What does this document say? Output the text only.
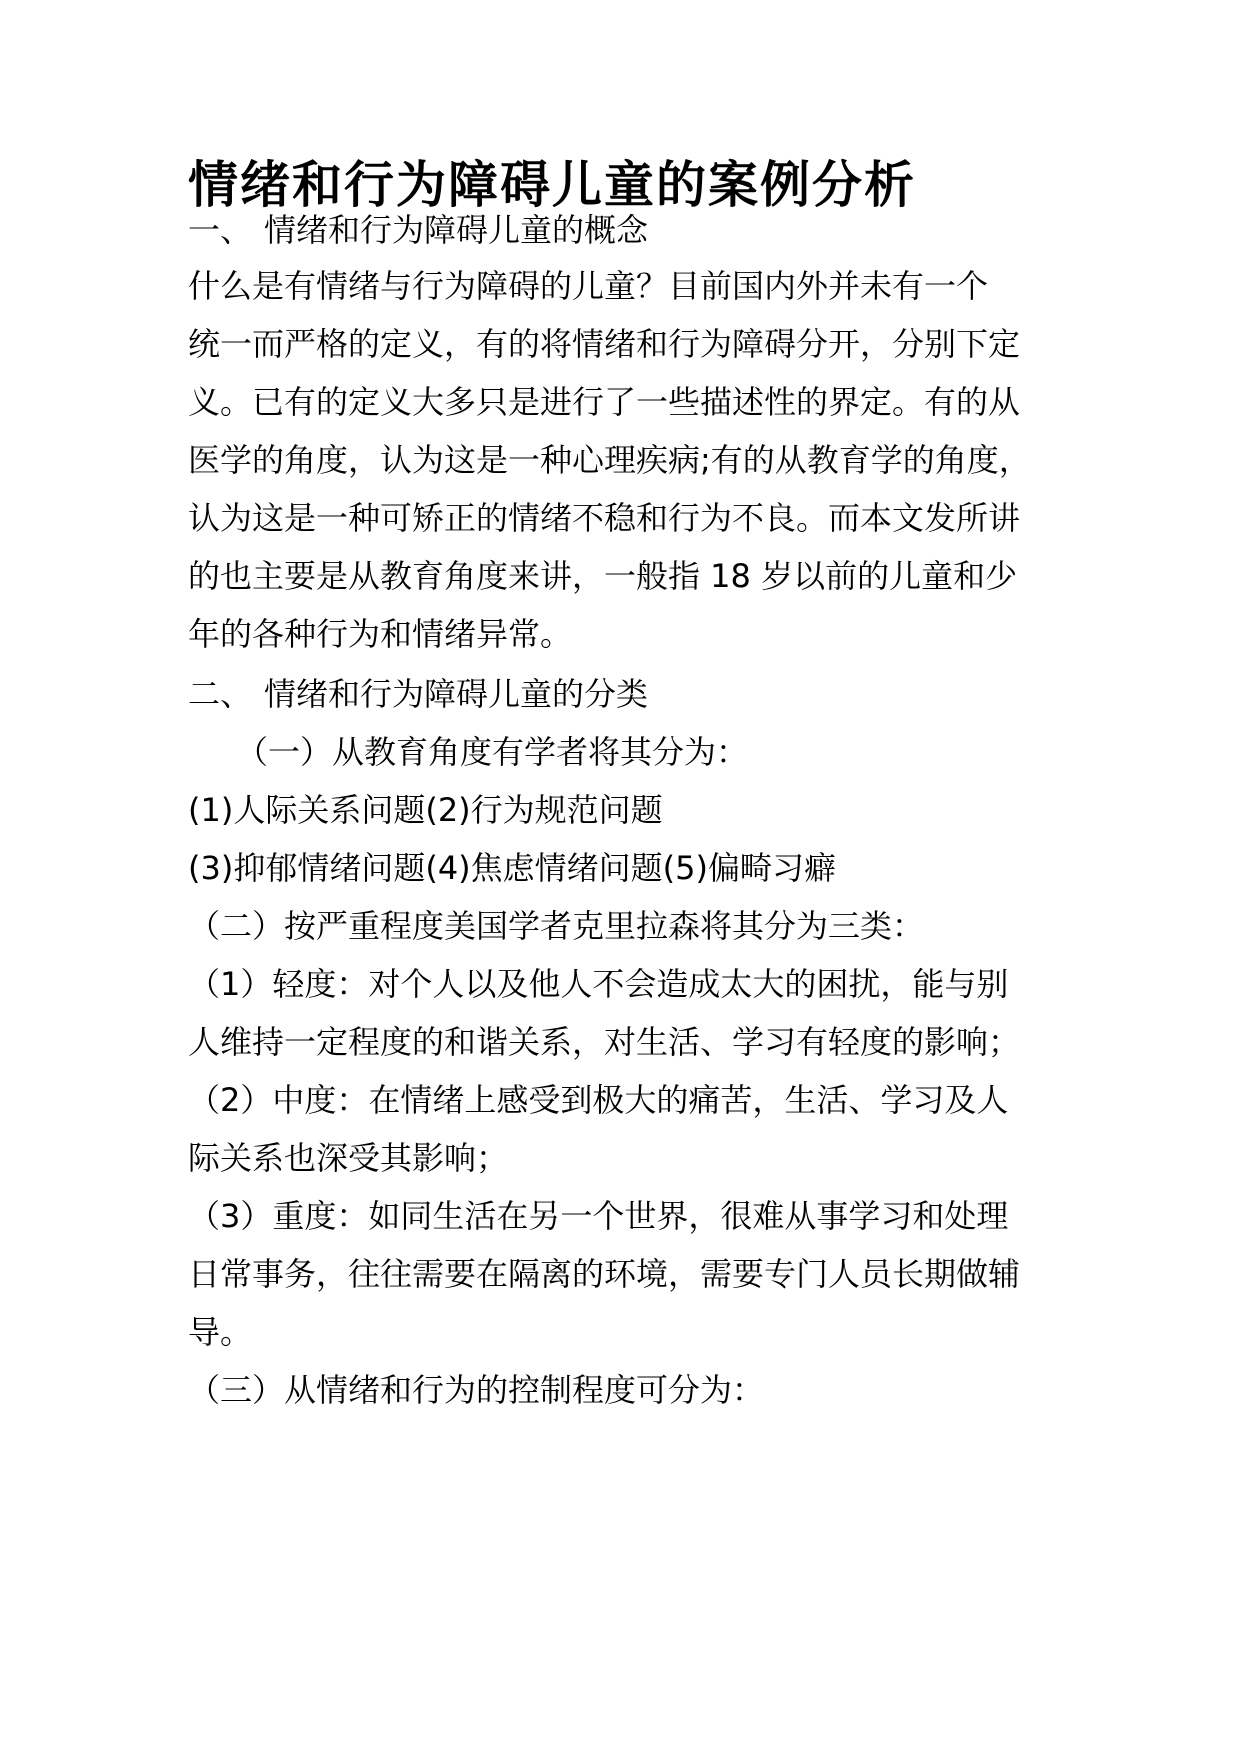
情绪和行为障碍儿童的案例分析
一、 情绪和行为障碍儿童的概念
什么是有情绪与行为障碍的儿童？目前国内外并未有一个
统一而严格的定义，有的将情绪和行为障碍分开，分别下定
义。已有的定义大多只是进行了一些描述性的界定。有的从
医学的角度，认为这是一种心理疾病;有的从教育学的角度，
认为这是一种可矫正的情绪不稳和行为不良。而本文发所讲
的也主要是从教育角度来讲，一般指 18 岁以前的儿童和少
年的各种行为和情绪异常。
二、 情绪和行为障碍儿童的分类
（一）从教育角度有学者将其分为：
(1)人际关系问题(2)行为规范问题
(3)抑郁情绪问题(4)焦虑情绪问题(5)偏畸习癖
（二）按严重程度美国学者克里拉森将其分为三类：
（1）轻度：对个人以及他人不会造成太大的困扰，能与别
人维持一定程度的和谐关系，对生活、学习有轻度的影响；
（2）中度：在情绪上感受到极大的痛苦，生活、学习及人
际关系也深受其影响；
（3）重度：如同生活在另一个世界，很难从事学习和处理
日常事务，往往需要在隔离的环境，需要专门人员长期做辅
导。
（三）从情绪和行为的控制程度可分为：
